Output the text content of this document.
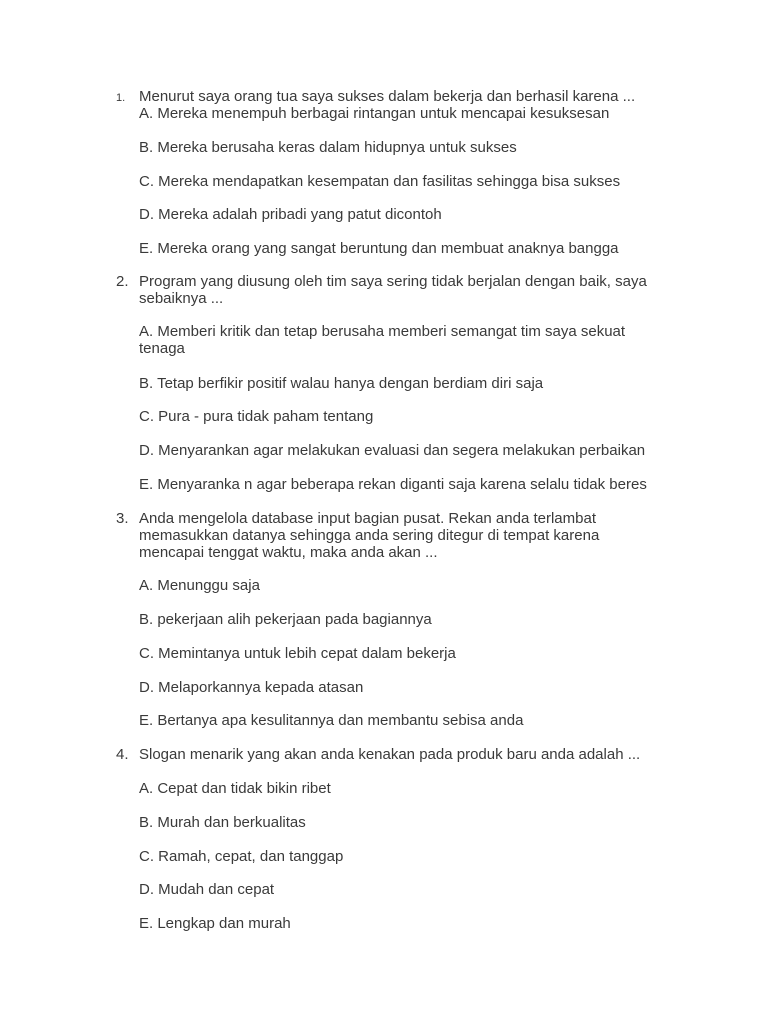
1. Menurut saya orang tua saya sukses dalam bekerja dan berhasil karena ...
A. Mereka menempuh berbagai rintangan untuk mencapai kesuksesan
B. Mereka berusaha keras dalam hidupnya untuk sukses
C. Mereka mendapatkan kesempatan dan fasilitas sehingga bisa sukses
D. Mereka adalah pribadi yang patut dicontoh
E. Mereka orang yang sangat beruntung dan membuat anaknya bangga
2. Program yang diusung oleh tim saya sering tidak berjalan dengan baik, saya
sebaiknya ...
A. Memberi kritik dan tetap berusaha memberi semangat tim saya sekuat
tenaga
B. Tetap berfikir positif walau hanya dengan berdiam diri saja
C. Pura - pura tidak paham tentang
D. Menyarankan agar melakukan evaluasi dan segera melakukan perbaikan
E. Menyaranka n agar beberapa rekan diganti saja karena selalu tidak beres
3. Anda mengelola database input bagian pusat. Rekan anda terlambat
memasukkan datanya sehingga anda sering ditegur di tempat karena
mencapai tenggat waktu, maka anda akan ...
A. Menunggu saja
B. pekerjaan alih pekerjaan pada bagiannya
C. Memintanya untuk lebih cepat dalam bekerja
D. Melaporkannya kepada atasan
E. Bertanya apa kesulitannya dan membantu sebisa anda
4. Slogan menarik yang akan anda kenakan pada produk baru anda adalah ...
A. Cepat dan tidak bikin ribet
B. Murah dan berkualitas
C. Ramah, cepat, dan tanggap
D. Mudah dan cepat
E. Lengkap dan murah
